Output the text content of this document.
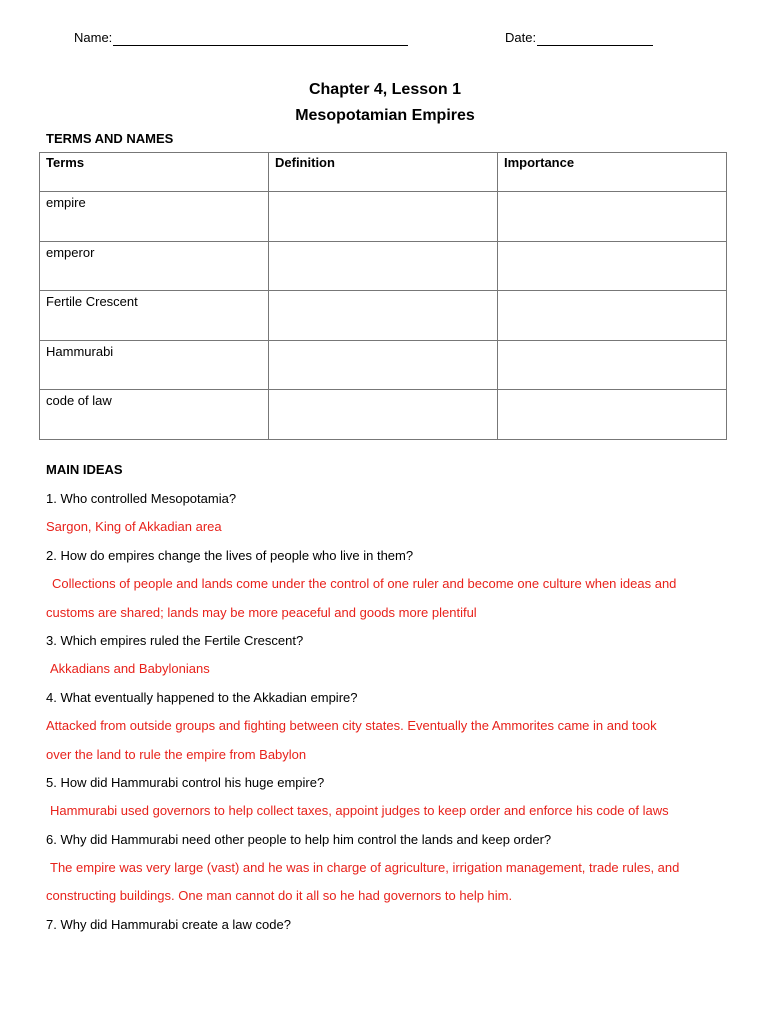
Name:	Date:
Chapter 4, Lesson 1
Mesopotamian Empires
TERMS AND NAMES
Terms	Definition	Importance
empire		
emperor		
Fertile Crescent		
Hammurabi		
code of law		
MAIN IDEAS
1. Who controlled Mesopotamia?
Sargon, King of Akkadian area
2. How do empires change the lives of people who live in them?
Collections of people and lands come under the control of one ruler and become one culture when ideas and
customs are shared; lands may be more peaceful and goods more plentiful
3. Which empires ruled the Fertile Crescent?
Akkadians and Babylonians
4. What eventually happened to the Akkadian empire?
Attacked from outside groups and fighting between city states. Eventually the Ammorites came in and took
over the land to rule the empire from Babylon
5. How did Hammurabi control his huge empire?
Hammurabi used governors to help collect taxes, appoint judges to keep order and enforce his code of laws
6. Why did Hammurabi need other people to help him control the lands and keep order?
The empire was very large (vast) and he was in charge of agriculture, irrigation management, trade rules, and
constructing buildings. One man cannot do it all so he had governors to help him.
7. Why did Hammurabi create a law code?
